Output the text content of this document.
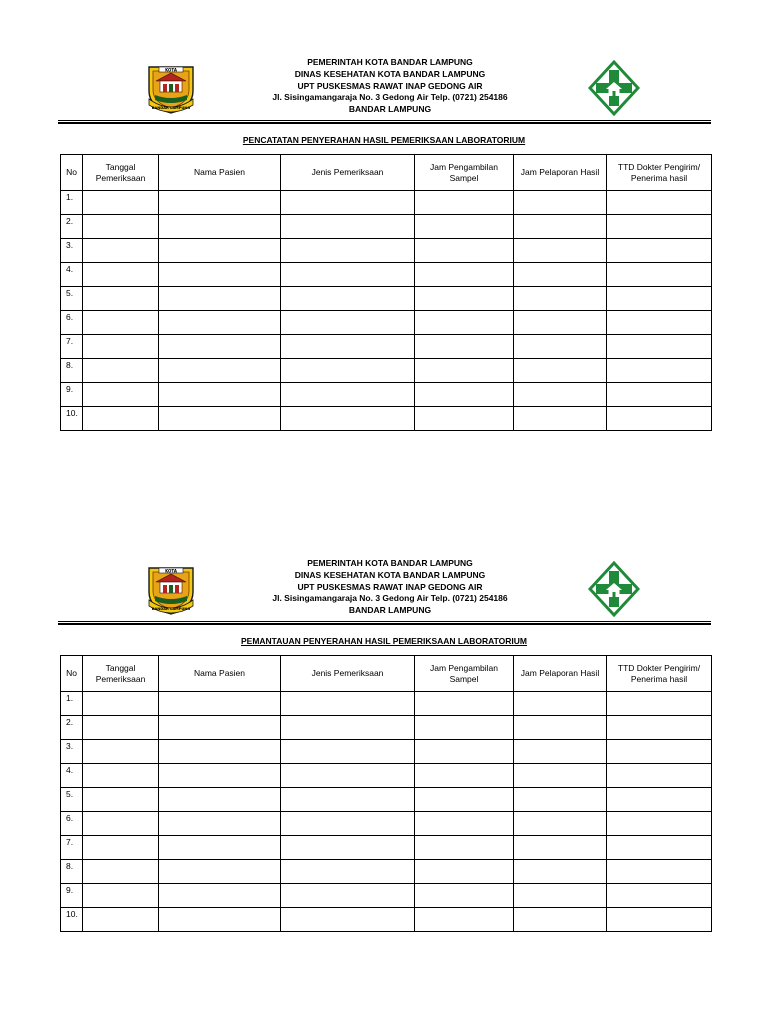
KOTA
BANDAR LAMPUNG
PEMERINTAH KOTA BANDAR LAMPUNG
DINAS KESEHATAN KOTA BANDAR LAMPUNG
UPT PUSKESMAS RAWAT INAP GEDONG AIR
Jl. Sisingamangaraja No. 3 Gedong Air Telp. (0721) 254186
BANDAR LAMPUNG
PENCATATAN PENYERAHAN HASIL PEMERIKSAAN LABORATORIUM
No	Tanggal Pemeriksaan	Nama Pasien	Jenis Pemeriksaan	Jam Pengambilan Sampel	Jam Pelaporan Hasil	TTD Dokter Pengirim/ Penerima hasil
1.						
2.						
3.						
4.						
5.						
6.						
7.						
8.						
9.						
10.						
KOTA
BANDAR LAMPUNG
PEMERINTAH KOTA BANDAR LAMPUNG
DINAS KESEHATAN KOTA BANDAR LAMPUNG
UPT PUSKESMAS RAWAT INAP GEDONG AIR
Jl. Sisingamangaraja No. 3 Gedong Air Telp. (0721) 254186
BANDAR LAMPUNG
PEMANTAUAN PENYERAHAN HASIL PEMERIKSAAN LABORATORIUM
No	Tanggal Pemeriksaan	Nama Pasien	Jenis Pemeriksaan	Jam Pengambilan Sampel	Jam Pelaporan Hasil	TTD Dokter Pengirim/ Penerima hasil
1.						
2.						
3.						
4.						
5.						
6.						
7.						
8.						
9.						
10.						
